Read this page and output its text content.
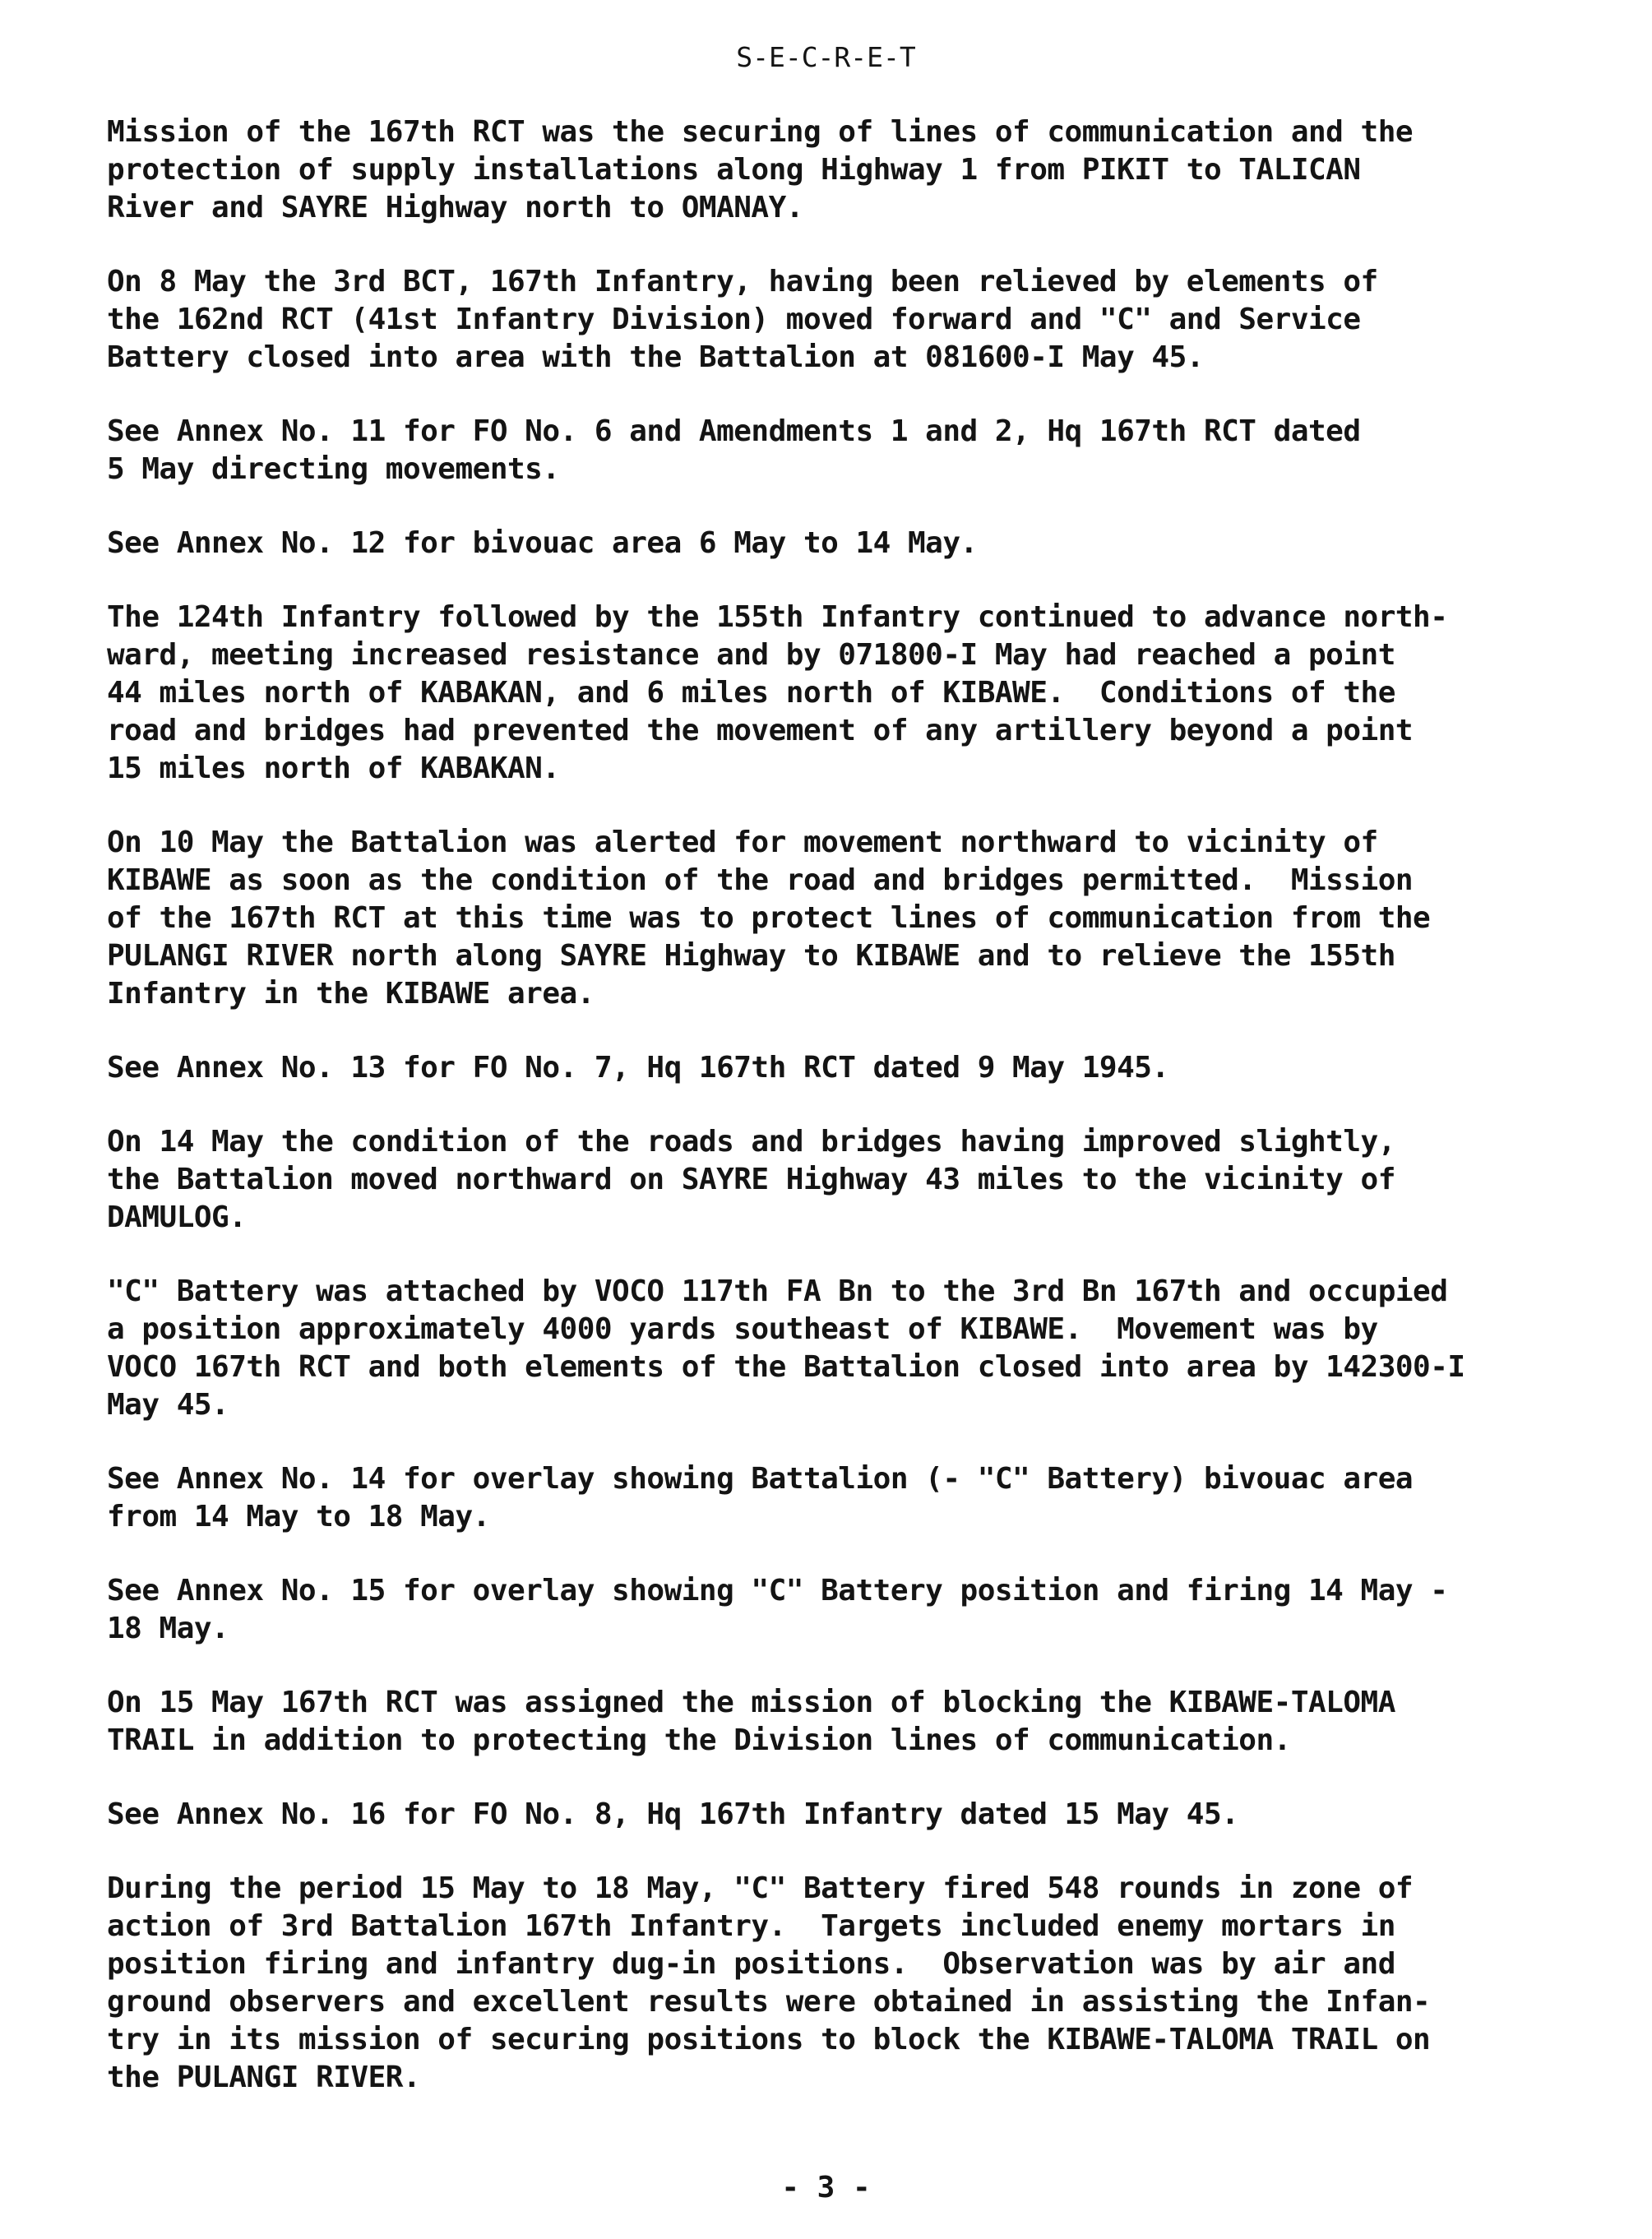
S-E-C-R-E-T
Mission of the 167th RCT was the securing of lines of communication and the
protection of supply installations along Highway 1 from PIKIT to TALICAN
River and SAYRE Highway north to OMANAY.
On 8 May the 3rd BCT, 167th Infantry, having been relieved by elements of
the 162nd RCT (41st Infantry Division) moved forward and "C" and Service
Battery closed into area with the Battalion at 081600-I May 45.
See Annex No. 11 for FO No. 6 and Amendments 1 and 2, Hq 167th RCT dated
5 May directing movements.
See Annex No. 12 for bivouac area 6 May to 14 May.
The 124th Infantry followed by the 155th Infantry continued to advance north-
ward, meeting increased resistance and by 071800-I May had reached a point
44 miles north of KABAKAN, and 6 miles north of KIBAWE.  Conditions of the
road and bridges had prevented the movement of any artillery beyond a point
15 miles north of KABAKAN.
On 10 May the Battalion was alerted for movement northward to vicinity of
KIBAWE as soon as the condition of the road and bridges permitted.  Mission
of the 167th RCT at this time was to protect lines of communication from the
PULANGI RIVER north along SAYRE Highway to KIBAWE and to relieve the 155th
Infantry in the KIBAWE area.
See Annex No. 13 for FO No. 7, Hq 167th RCT dated 9 May 1945.
On 14 May the condition of the roads and bridges having improved slightly,
the Battalion moved northward on SAYRE Highway 43 miles to the vicinity of
DAMULOG.
"C" Battery was attached by VOCO 117th FA Bn to the 3rd Bn 167th and occupied
a position approximately 4000 yards southeast of KIBAWE.  Movement was by
VOCO 167th RCT and both elements of the Battalion closed into area by 142300-I
May 45.
See Annex No. 14 for overlay showing Battalion (- "C" Battery) bivouac area
from 14 May to 18 May.
See Annex No. 15 for overlay showing "C" Battery position and firing 14 May -
18 May.
On 15 May 167th RCT was assigned the mission of blocking the KIBAWE-TALOMA
TRAIL in addition to protecting the Division lines of communication.
See Annex No. 16 for FO No. 8, Hq 167th Infantry dated 15 May 45.
During the period 15 May to 18 May, "C" Battery fired 548 rounds in zone of
action of 3rd Battalion 167th Infantry.  Targets included enemy mortars in
position firing and infantry dug-in positions.  Observation was by air and
ground observers and excellent results were obtained in assisting the Infan-
try in its mission of securing positions to block the KIBAWE-TALOMA TRAIL on
the PULANGI RIVER.
- 3 -
